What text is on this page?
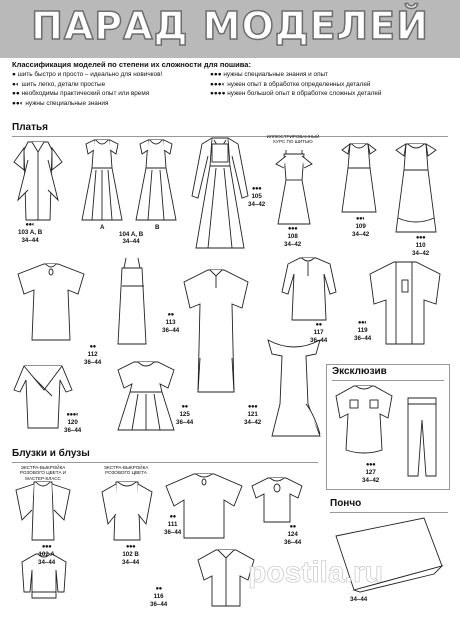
ПАРАД МОДЕЛЕЙ
Классификация моделей по степени их сложности для пошива:
● шить быстро и просто – идеально для новичков!
●◐ шить легко, детали простые
●● необходимы практический опыт или время
●●◐ нужны специальные знания
●●● нужны специальные знания и опыт
●●●◐ нужен опыт в обработке определенных деталей
●●●● нужен большой опыт в обработке сложных деталей
Платья
●●◐
103 A, B
34–44
A	B
104 A, B
34–44
●●●
105
34–42
ИЛЛЮСТРИРОВАННЫЙ КУРС ПО ШИТЬЮ
●●●
108
34–42
●●◐
109
34–42
●●●
110
34–42
●●
112
36–44
●●
113
36–44
●●
117
36–44
●●◐
119
36–44
●●●◐
120
36–44
●●
125
36–44
●●●
121
34–42
Эксклюзив
●●●
127
34–42
Блузки и блузы
ЭКСТРА-ВЫКРОЙКА РОЗОВОГО ЦВЕТА И МАСТЕР-КЛАСС
ЭКСТРА-ВЫКРОЙКА РОЗОВОГО ЦВЕТА
●●●
102 A
34–44
●●●
102 B
34–44
●●
111
36–44
●●
124
36–44
●●
116
36–44
Пончо
34–44
postila.ru
